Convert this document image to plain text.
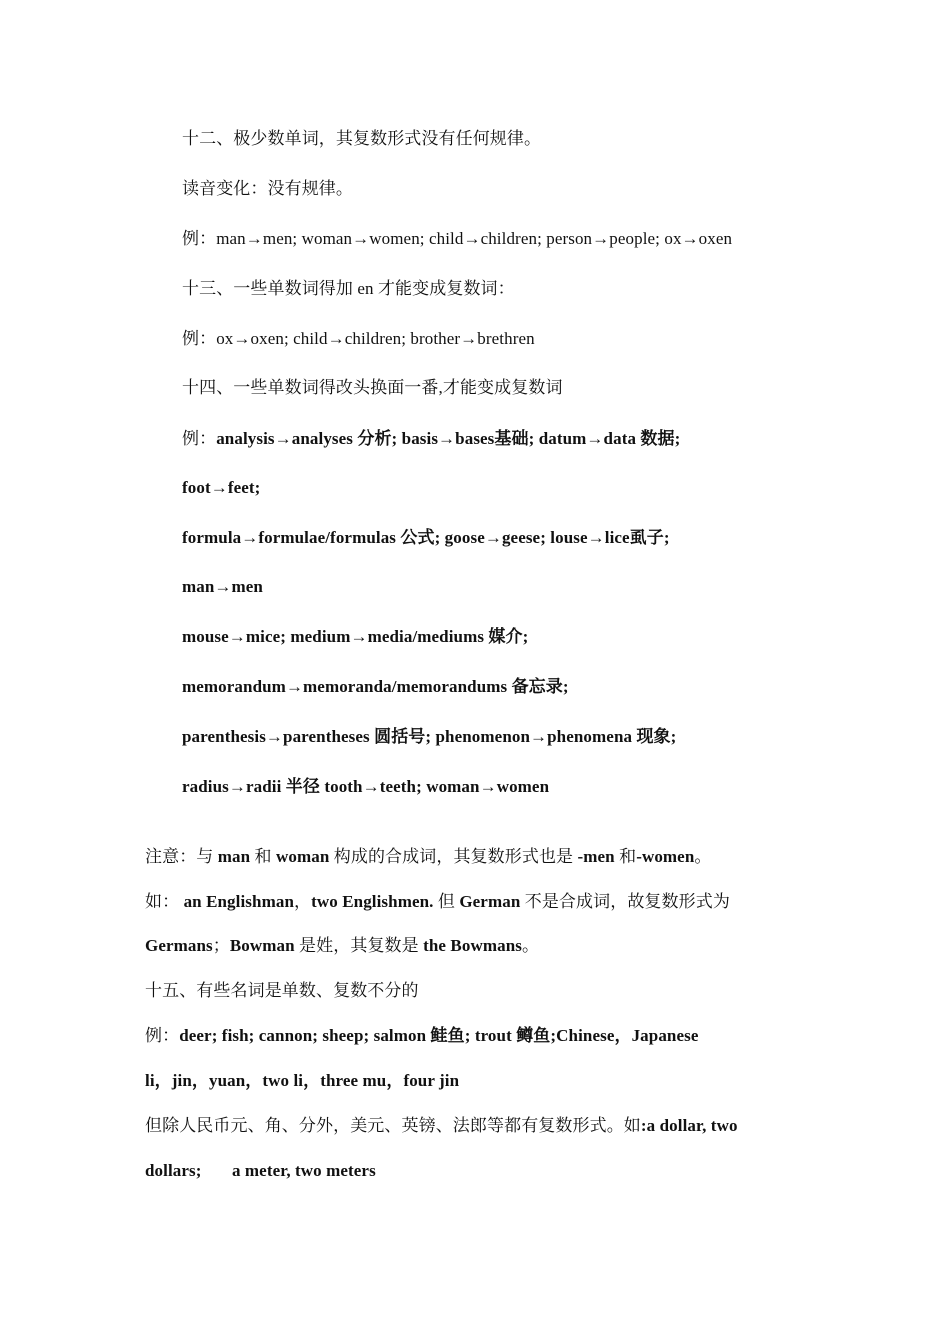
十二、极少数单词，其复数形式没有任何规律。
读音变化：没有规律。
例：man→men; woman→women; child→children; person→people; ox→oxen
十三、一些单数词得加 en 才能变成复数词：
例：ox→oxen; child→children; brother→brethren
十四、一些单数词得改头换面一番,才能变成复数词
例：analysis→analyses 分析; basis→bases基础; datum→data 数据;
foot→feet;
formula→formulae/formulas 公式; goose→geese; louse→lice虱子;
man→men
mouse→mice; medium→media/mediums 媒介;
memorandum→memoranda/memorandums 备忘录;
parenthesis→parentheses 圆括号; phenomenon→phenomena 现象;
radius→radii 半径 tooth→teeth; woman→women
注意：与 man 和 woman 构成的合成词，其复数形式也是 -men 和-women。
如： an Englishman，two Englishmen. 但 German 不是合成词，故复数形式为
Germans；Bowman 是姓，其复数是 the Bowmans。
十五、有些名词是单数、复数不分的
例：deer; fish; cannon; sheep; salmon 鲑鱼; trout 鳟鱼;Chinese，Japanese
li，jin，yuan，two li，three mu，four jin
但除人民币元、角、分外，美元、英镑、法郎等都有复数形式。如:a dollar, two
dollars;       a meter, two meters
